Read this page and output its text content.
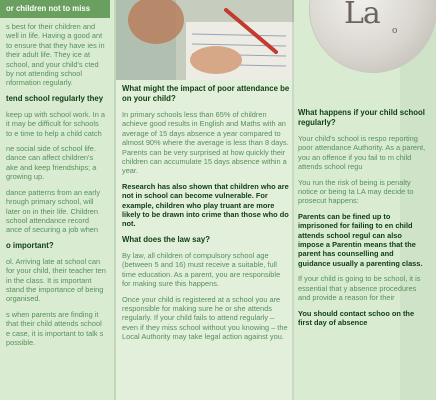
or children not to miss

s best for their children and well in life. Having a good ant to ensure that they have ies in their adult life. They ice at school, and your child's cted by not attending school nformation regularly.

tend school regularly they

keep up with school work. In a it may be difficult for schools to e time to help a child catch

ne social side of school life. dance can affect children's ake and keep friendships; a growing up.

dance patterns from an early hrough primary school, will later on in their life. Children school attendance record ance of securing a job when

o important?

ol. Arriving late at school can for your child, their teacher ten in the class. It is important stand the importance of being organised.

s when parents are finding it that their child attends school e case, it is important to talk s possible.

What might the impact of poor attendance be on your child?

In primary schools less than 65% of children achieve good results in English and Maths with an average of 15 days absence a year compared to almost 90% where the average is less than 8 days. Parents can be very surprised at how quickly their children can accumulate 15 days absence within a year.

Research has also shown that children who are not in school can become vulnerable. For example, children who play truant are more likely to be drawn into crime than those who do not.

What does the law say?

By law, all children of compulsory school age (between 5 and 16) must receive a suitable, full time education. As a parent, you are responsible for making sure this happens.

Once your child is registered at a school you are responsible for making sure he or she attends regularly. If your child fails to attend regularly – even if they miss school without you knowing – the Local Authority may take legal action against you.

La o

What happens if your child school regularly?

Your child's school is respo reporting poor attendance Authority. As a parent, you an offence if you fail to m child attends school regu

You run the risk of being is penalty notice or being ta LA may decide to prosecut happens:

Parents can be fined up to imprisoned for failing to en child attends school regul can also impose a Parentin means that the parent has counselling and guidance usually a parenting class.

If your child is going to be school, it is essential that y absence procedures and provide a reason for their

You should contact schoo on the first day of absence
